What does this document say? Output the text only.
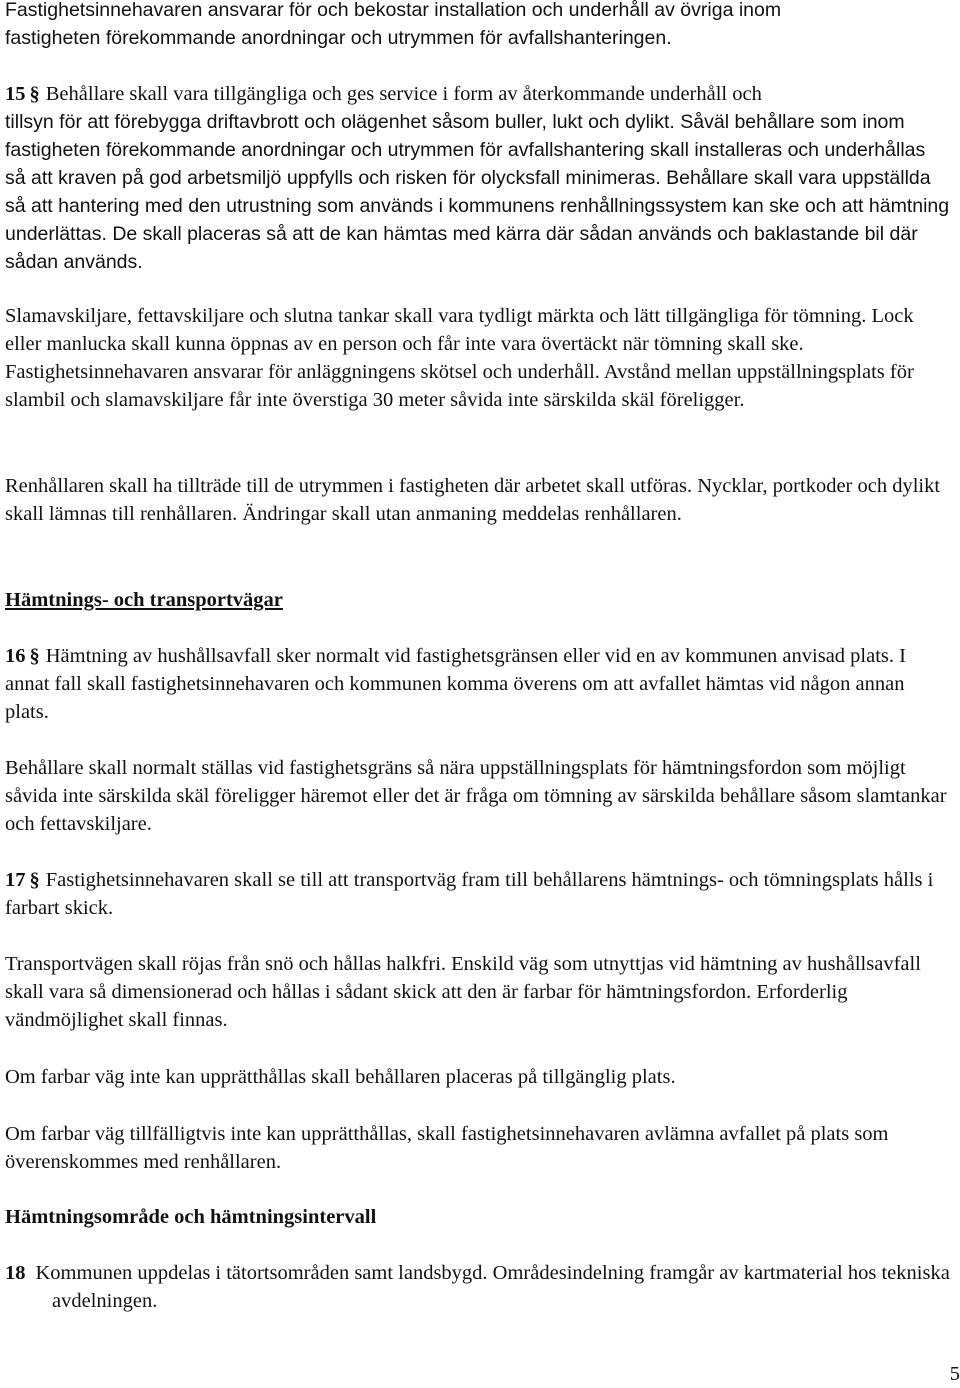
Fastighetsinnehavaren ansvarar för och bekostar installation och underhåll av övriga inom
fastigheten förekommande anordningar och utrymmen för avfallshanteringen.

15 § Behållare skall vara tillgängliga och ges service i form av återkommande underhåll och
tillsyn för att förebygga driftavbrott och olägenhet såsom buller, lukt och dylikt. Såväl behållare som inom fastigheten förekommande anordningar och utrymmen för avfallshantering skall installeras och underhållas så att kraven på god arbetsmiljö uppfylls och risken för olycksfall minimeras. Behållare skall vara uppställda så att hantering med den utrustning som används i kommunens renhållningssystem kan ske och att hämtning underlättas. De skall placeras så att de kan hämtas med kärra där sådan används och baklastande bil där sådan används.

Slamavskiljare, fettavskiljare och slutna tankar skall vara tydligt märkta och lätt tillgängliga för tömning. Lock eller manlucka skall kunna öppnas av en person och får inte vara övertäckt när tömning skall ske. Fastighetsinnehavaren ansvarar för anläggningens skötsel och underhåll. Avstånd mellan uppställningsplats för slambil och slamavskiljare får inte överstiga 30 meter såvida inte särskilda skäl föreligger.

Renhållaren skall ha tillträde till de utrymmen i fastigheten där arbetet skall utföras. Nycklar, portkoder och dylikt skall lämnas till renhållaren. Ändringar skall utan anmaning meddelas renhållaren.

Hämtnings- och transportvägar

16 § Hämtning av hushållsavfall sker normalt vid fastighetsgränsen eller vid en av kommunen anvisad plats. I annat fall skall fastighetsinnehavaren och kommunen komma överens om att avfallet hämtas vid någon annan plats.

Behållare skall normalt ställas vid fastighetsgräns så nära uppställningsplats för hämtningsfordon som möjligt såvida inte särskilda skäl föreligger häremot eller det är fråga om tömning av särskilda behållare såsom slamtankar och fettavskiljare.

17 § Fastighetsinnehavaren skall se till att transportväg fram till behållarens hämtnings- och tömningsplats hålls i farbart skick.

Transportvägen skall röjas från snö och hållas halkfri. Enskild väg som utnyttjas vid hämtning av hushållsavfall skall vara så dimensionerad och hållas i sådant skick att den är farbar för hämtningsfordon. Erforderlig vändmöjlighet skall finnas.

Om farbar väg inte kan upprätthållas skall behållaren placeras på tillgänglig plats.

Om farbar väg tillfälligtvis inte kan upprätthållas, skall fastighetsinnehavaren avlämna avfallet på plats som överenskommes med renhållaren.

Hämtningsområde och hämtningsintervall

18 Kommunen uppdelas i tätortsområden samt landsbygd. Områdesindelning framgår av kartmaterial hos tekniska avdelningen.

5
